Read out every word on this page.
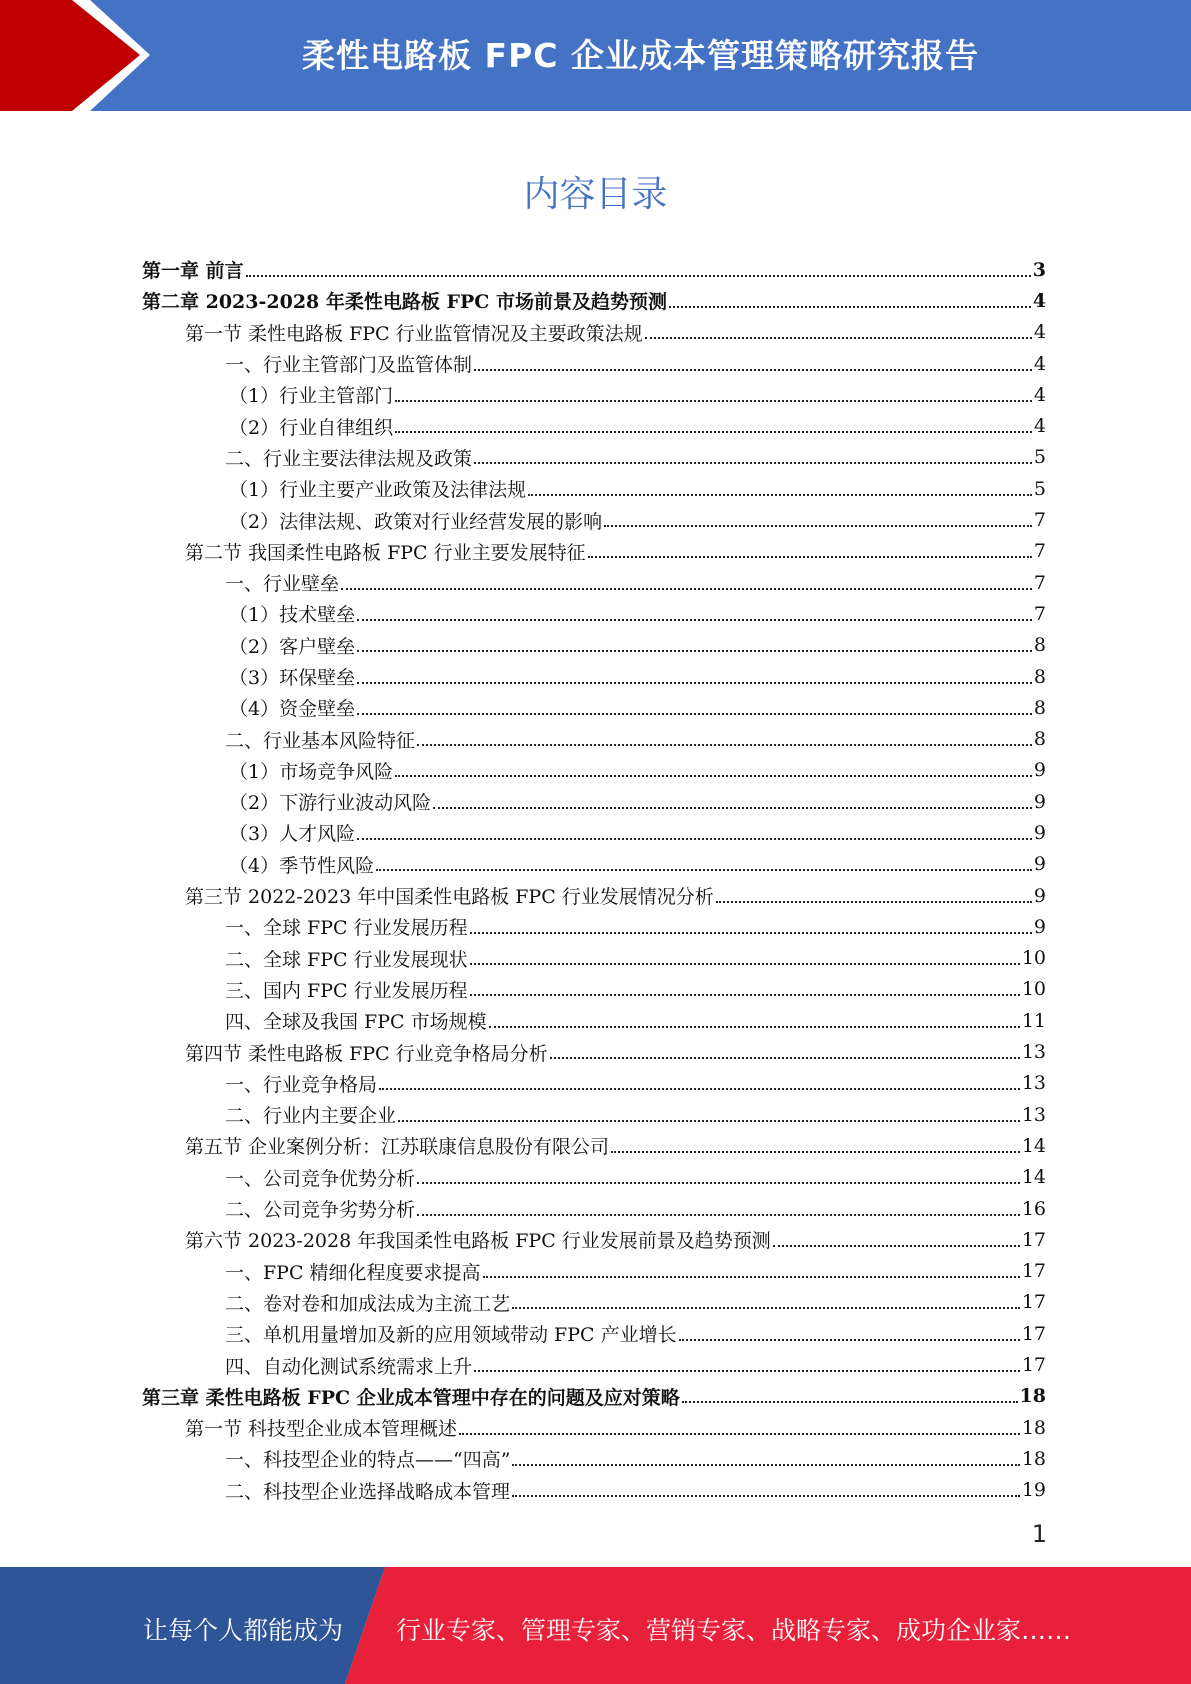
柔性电路板 FPC 企业成本管理策略研究报告
内容目录
第一章 前言	3
第二章 2023-2028 年柔性电路板 FPC 市场前景及趋势预测	4
第一节 柔性电路板 FPC 行业监管情况及主要政策法规	4
一、行业主管部门及监管体制	4
（1）行业主管部门	4
（2）行业自律组织	4
二、行业主要法律法规及政策	5
（1）行业主要产业政策及法律法规	5
（2）法律法规、政策对行业经营发展的影响	7
第二节 我国柔性电路板 FPC 行业主要发展特征	7
一、行业壁垒	7
（1）技术壁垒	7
（2）客户壁垒	8
（3）环保壁垒	8
（4）资金壁垒	8
二、行业基本风险特征	8
（1）市场竞争风险	9
（2）下游行业波动风险	9
（3）人才风险	9
（4）季节性风险	9
第三节 2022-2023 年中国柔性电路板 FPC 行业发展情况分析	9
一、全球 FPC 行业发展历程	9
二、全球 FPC 行业发展现状	10
三、国内 FPC 行业发展历程	10
四、全球及我国 FPC 市场规模	11
第四节 柔性电路板 FPC 行业竞争格局分析	13
一、行业竞争格局	13
二、行业内主要企业	13
第五节 企业案例分析：江苏联康信息股份有限公司	14
一、公司竞争优势分析	14
二、公司竞争劣势分析	16
第六节 2023-2028 年我国柔性电路板 FPC 行业发展前景及趋势预测	17
一、FPC 精细化程度要求提高	17
二、卷对卷和加成法成为主流工艺	17
三、单机用量增加及新的应用领域带动 FPC 产业增长	17
四、自动化测试系统需求上升	17
第三章 柔性电路板 FPC 企业成本管理中存在的问题及应对策略	18
第一节 科技型企业成本管理概述	18
一、科技型企业的特点——“四高”	18
二、科技型企业选择战略成本管理	19
1
让每个人都能成为 行业专家、管理专家、营销专家、战略专家、成功企业家……
